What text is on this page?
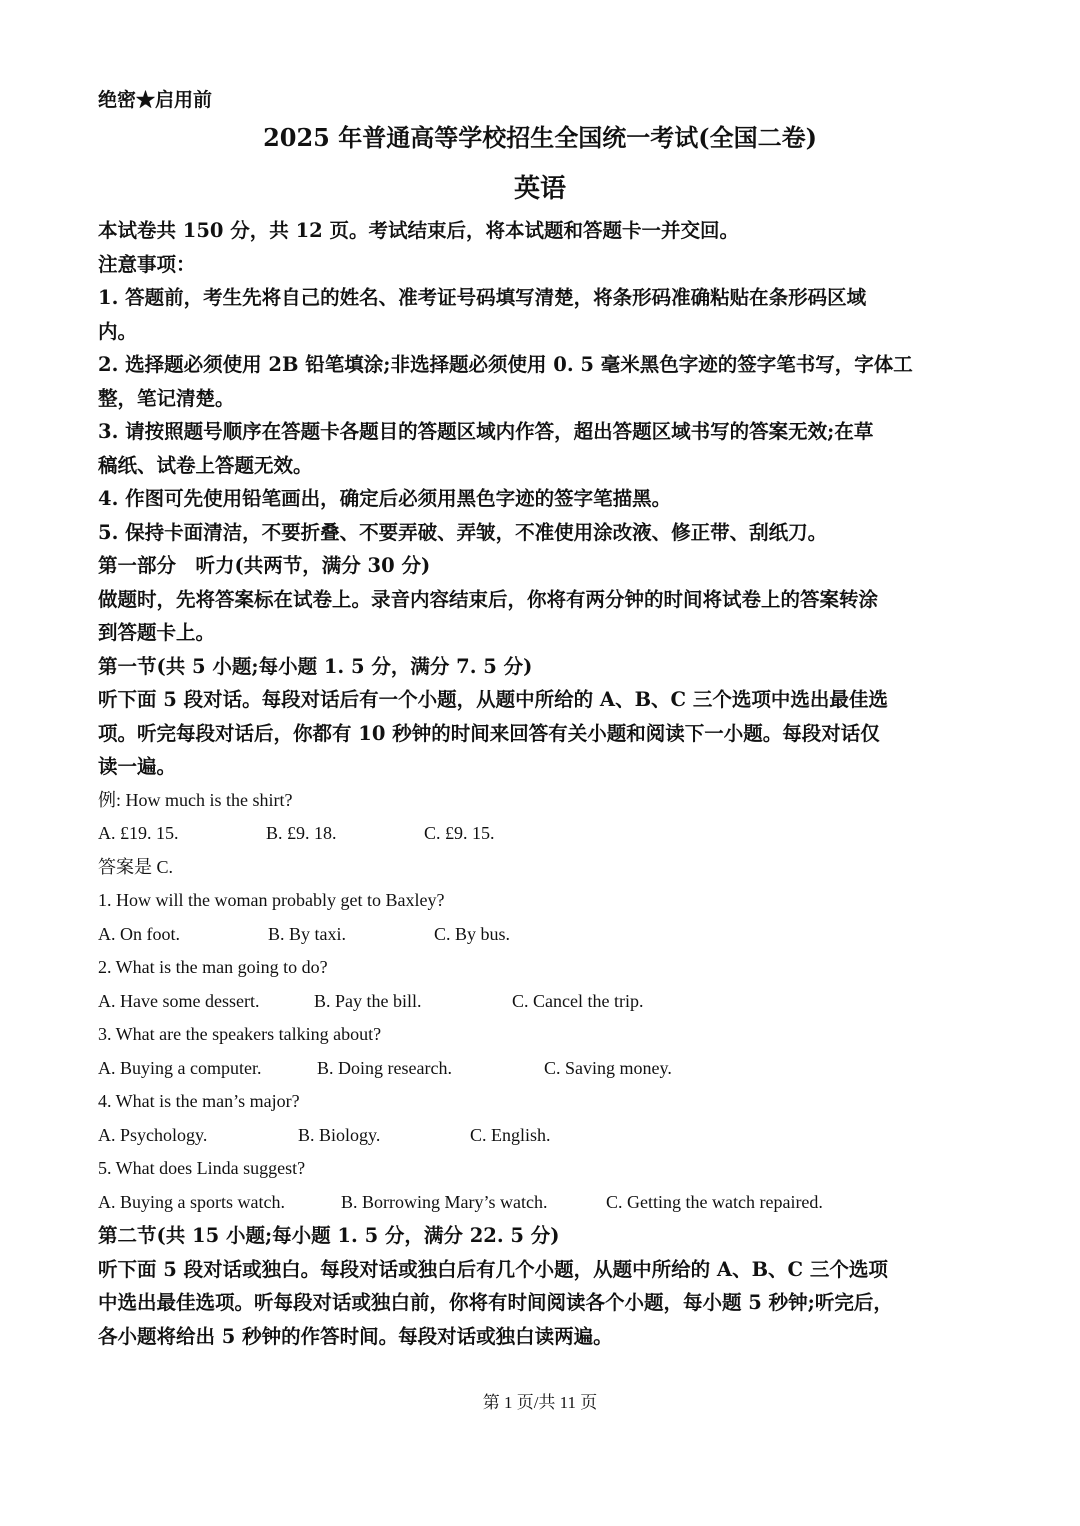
绝密★启用前
2025 年普通高等学校招生全国统一考试(全国二卷)
英语

本试卷共 150 分，共 12 页。考试结束后，将本试题和答题卡一并交回。

注意事项：

1. 答题前，考生先将自己的姓名、准考证号码填写清楚，将条形码准确粘贴在条形码区域

内。

2. 选择题必须使用 2B 铅笔填涂;非选择题必须使用 0. 5 毫米黑色字迹的签字笔书写，字体工

整，笔记清楚。

3. 请按照题号顺序在答题卡各题目的答题区域内作答，超出答题区域书写的答案无效;在草

稿纸、试卷上答题无效。

4. 作图可先使用铅笔画出，确定后必须用黑色字迹的签字笔描黑。

5. 保持卡面清洁，不要折叠、不要弄破、弄皱，不准使用涂改液、修正带、刮纸刀。

第一部分　听力(共两节，满分 30 分)

做题时，先将答案标在试卷上。录音内容结束后，你将有两分钟的时间将试卷上的答案转涂

到答题卡上。

第一节(共 5 小题;每小题 1. 5 分，满分 7. 5 分)

听下面 5 段对话。每段对话后有一个小题，从题中所给的 A、B、C 三个选项中选出最佳选

项。听完每段对话后，你都有 10 秒钟的时间来回答有关小题和阅读下一小题。每段对话仅

读一遍。

例: How much is the shirt?

A. £19. 15.	B. £9. 18.	C. £9. 15.

答案是 C.

1. How will the woman probably get to Baxley?

A. On foot.	B. By taxi.	C. By bus.

2. What is the man going to do?

A. Have some dessert.	B. Pay the bill.	C. Cancel the trip.

3. What are the speakers talking about?

A. Buying a computer.	B. Doing research.	C. Saving money.

4. What is the man’s major?

A. Psychology.	B. Biology.	C. English.

5. What does Linda suggest?

A. Buying a sports watch.	B. Borrowing Mary’s watch.	C. Getting the watch repaired.

第二节(共 15 小题;每小题 1. 5 分，满分 22. 5 分)

听下面 5 段对话或独白。每段对话或独白后有几个小题，从题中所给的 A、B、C 三个选项

中选出最佳选项。听每段对话或独白前，你将有时间阅读各个小题，每小题 5 秒钟;听完后，

各小题将给出 5 秒钟的作答时间。每段对话或独白读两遍。

第 1 页/共 11 页
